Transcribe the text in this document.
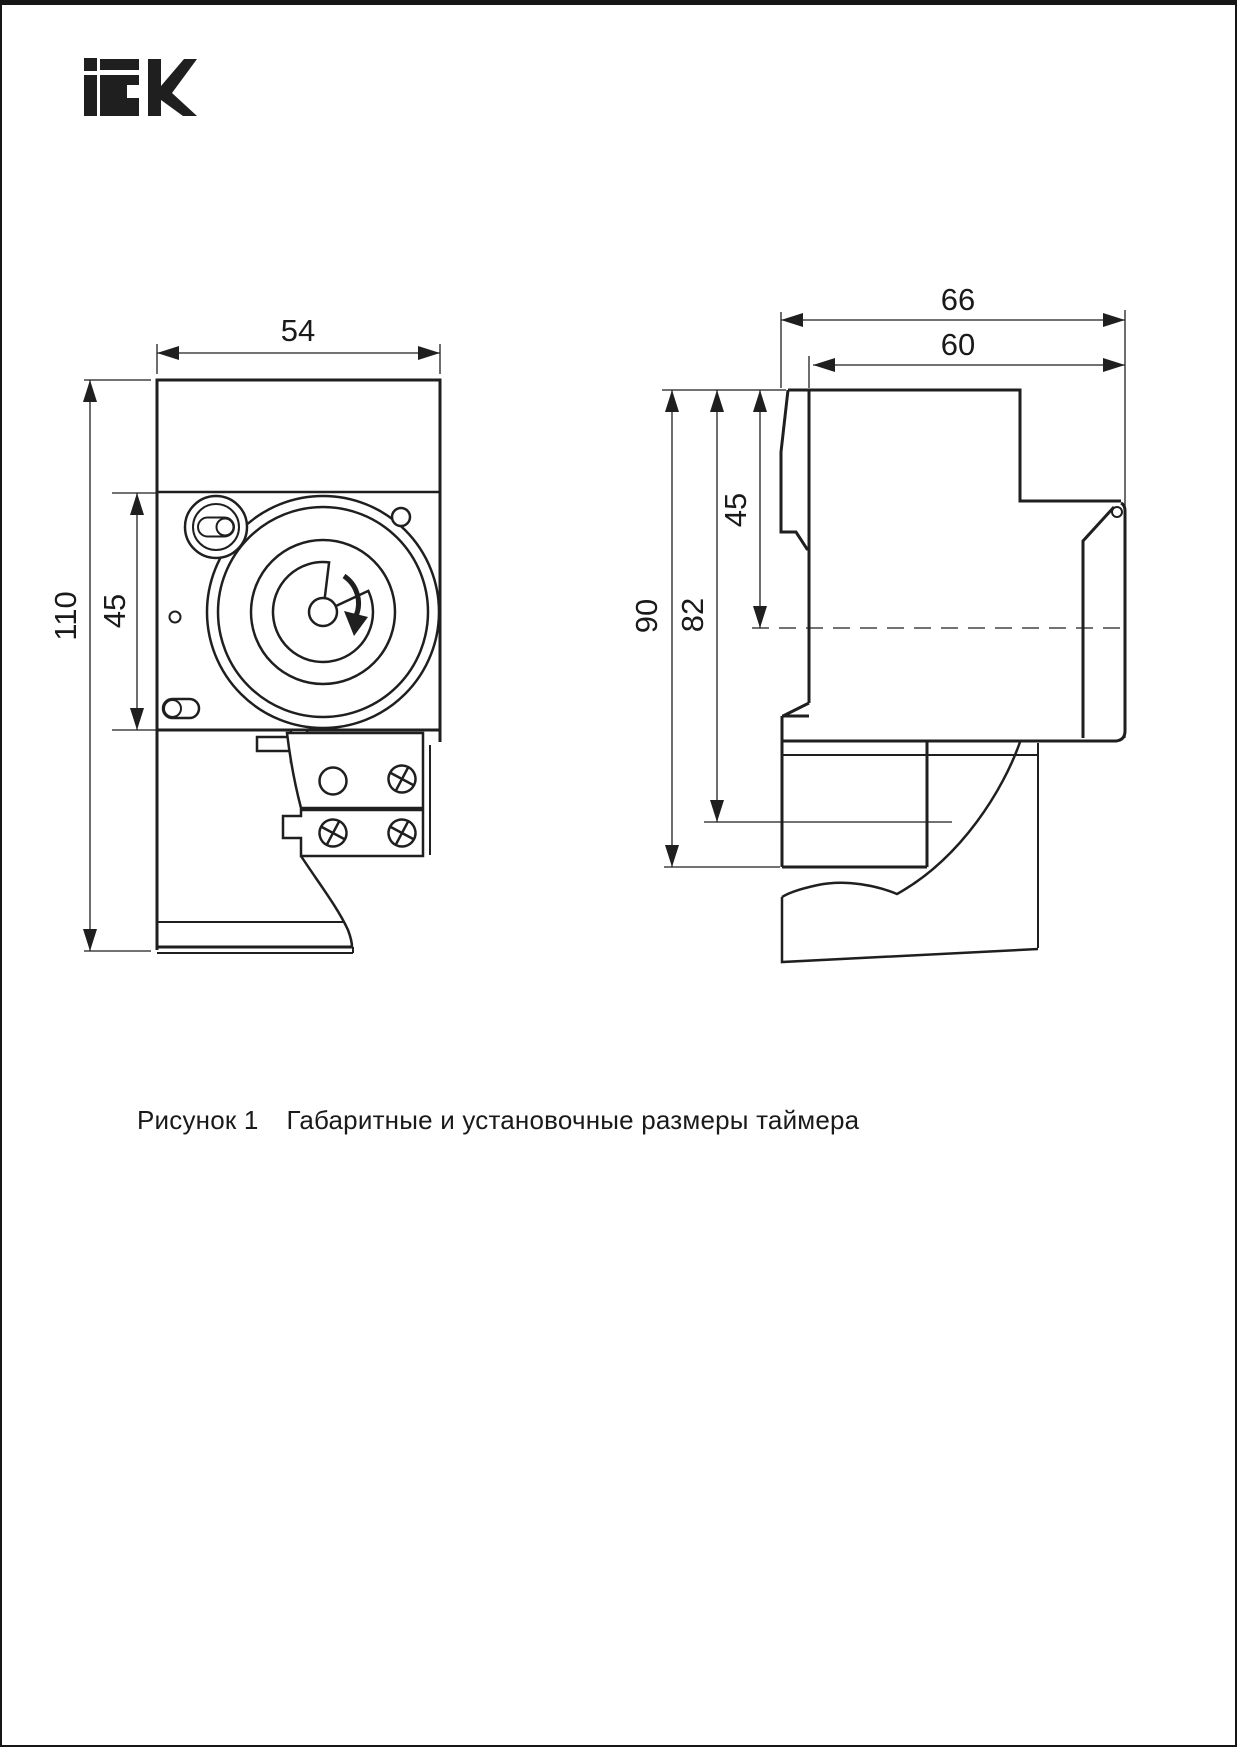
54
110 45
66
60
90 82
45
Рисунок 1 Габаритные и установочные размеры таймера
